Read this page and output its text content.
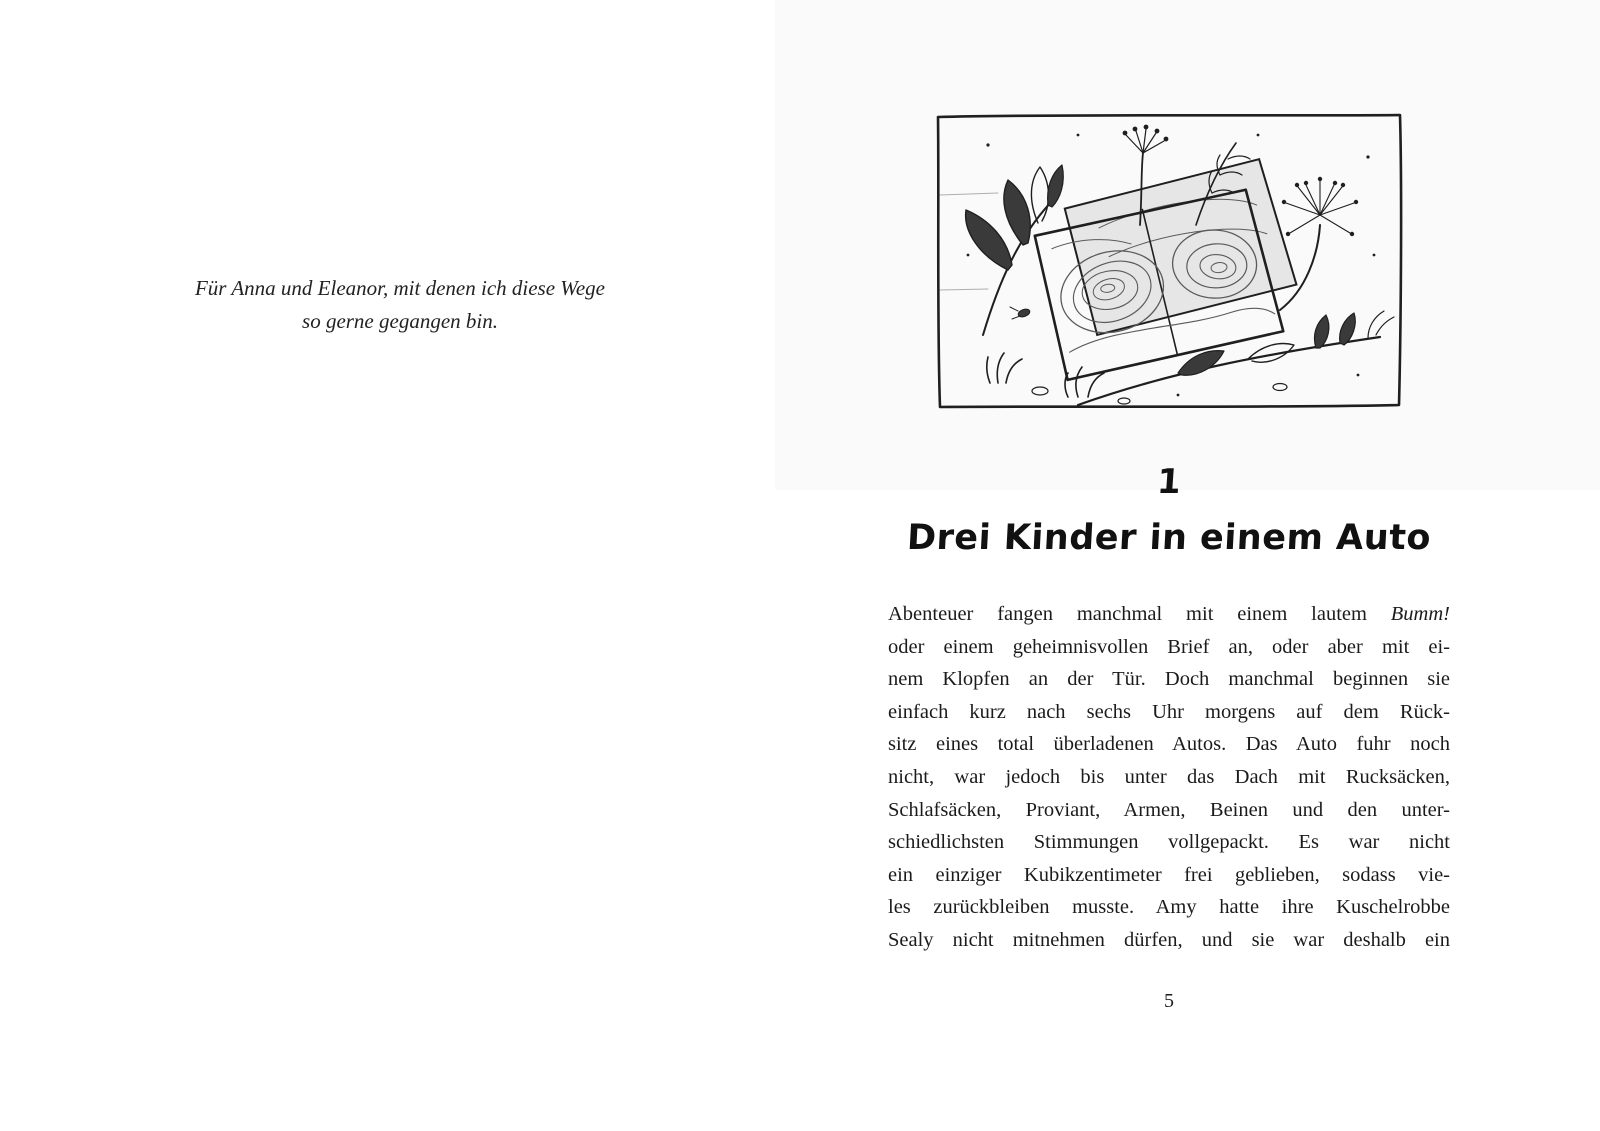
Für Anna und Eleanor, mit denen ich diese Wege
so gerne gegangen bin.
1
Drei Kinder in einem Auto
Abenteuer fangen manchmal mit einem lautem Bumm!
oder einem geheimnisvollen Brief an, oder aber mit ei-
nem Klopfen an der Tür. Doch manchmal beginnen sie
einfach kurz nach sechs Uhr morgens auf dem Rück-
sitz eines total überladenen Autos. Das Auto fuhr noch
nicht, war jedoch bis unter das Dach mit Rucksäcken,
Schlafsäcken, Proviant, Armen, Beinen und den unter-
schiedlichsten Stimmungen vollgepackt. Es war nicht
ein einziger Kubikzentimeter frei geblieben, sodass vie-
les zurückbleiben musste. Amy hatte ihre Kuschelrobbe
Sealy nicht mitnehmen dürfen, und sie war deshalb ein
5
